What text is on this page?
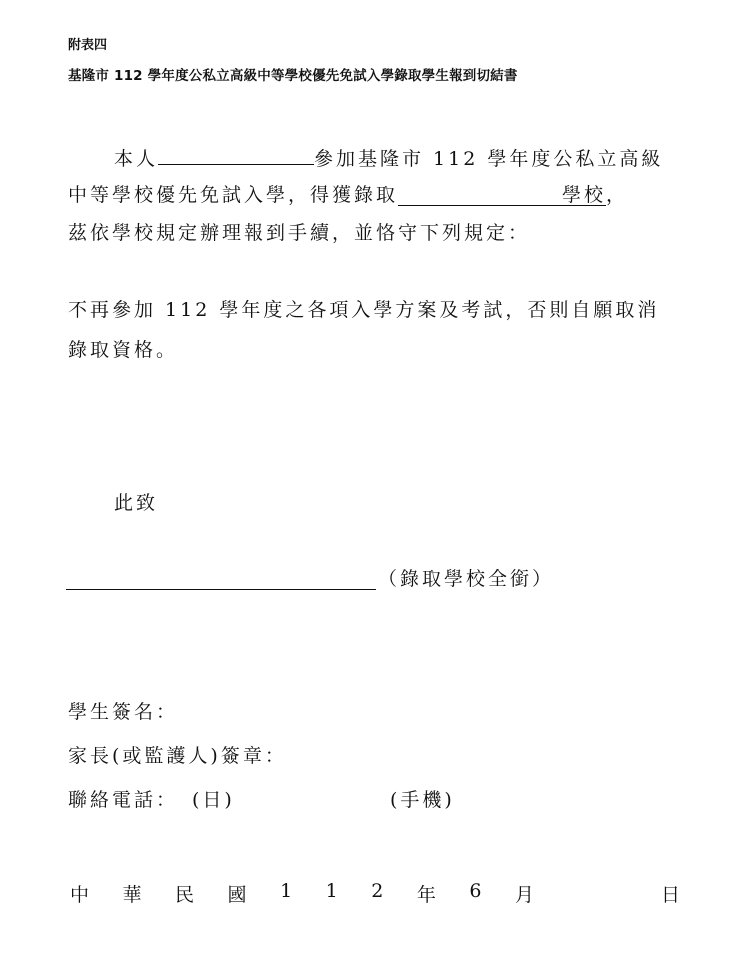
附表四
基隆市 112 學年度公私立高級中等學校優先免試入學錄取學生報到切結書
本人	參加基隆市 112 學年度公私立高級
中等學校優先免試入學，得獲錄取	學校，
茲依學校規定辦理報到手續，並恪守下列規定：
不再參加 112 學年度之各項入學方案及考試，否則自願取消
錄取資格。
此致
（錄取學校全銜）
學生簽名：
家長(或監護人)簽章：
聯絡電話： (日)	(手機)
中 華 民 國 1 1 2 年 6 月	日
